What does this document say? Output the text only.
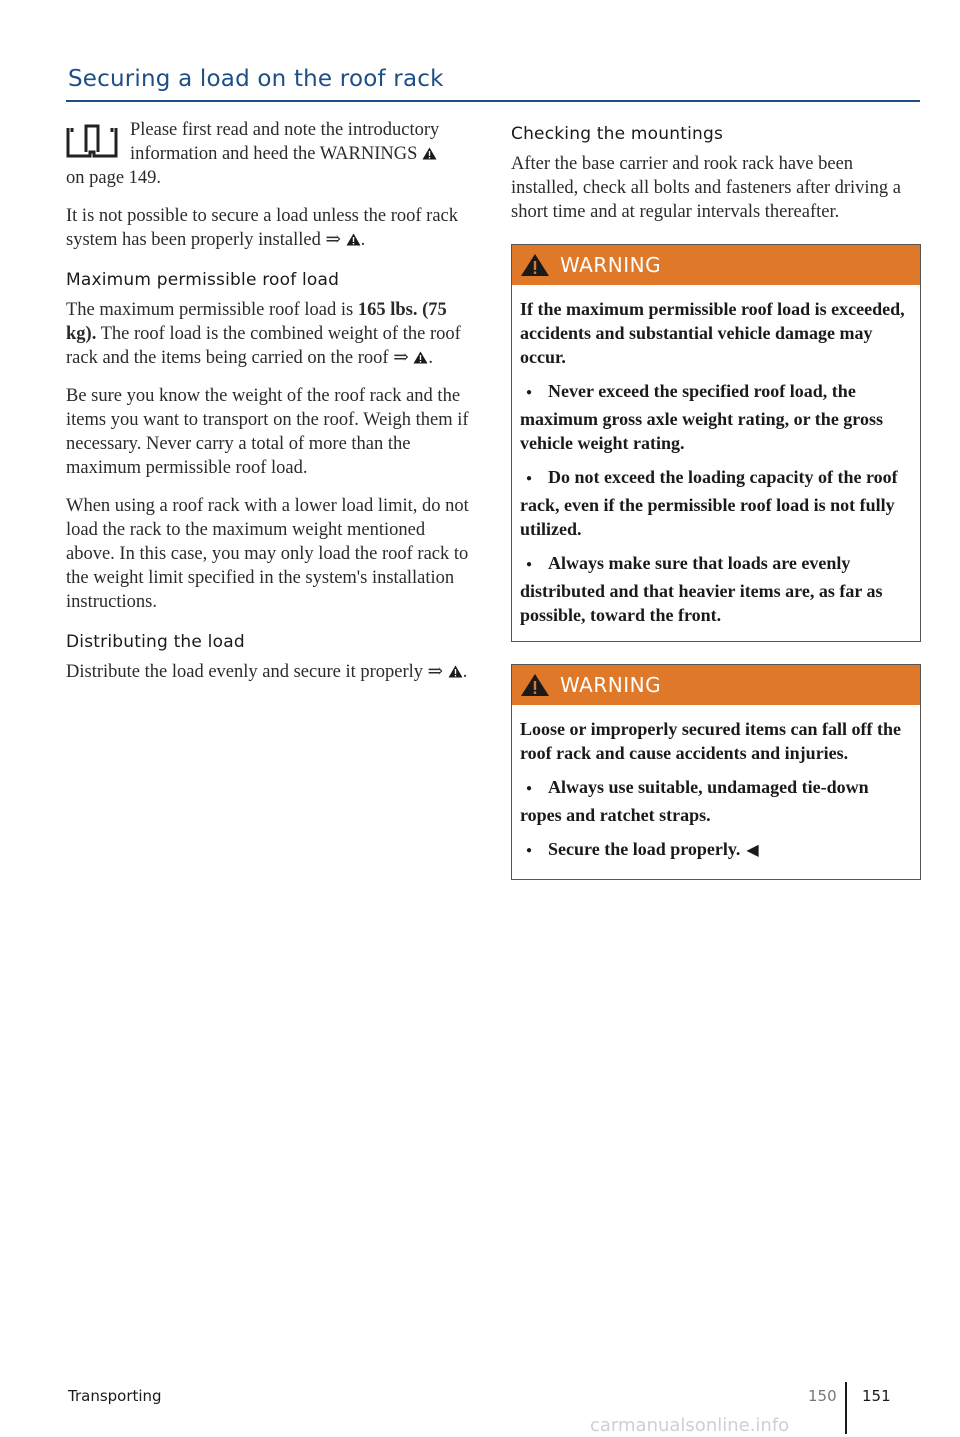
Securing a load on the roof rack

Please first read and note the introductory information and heed the WARNINGS
on page 149.

It is not possible to secure a load unless the roof rack system has been properly installed ⇒ .

Maximum permissible roof load

The maximum permissible roof load is 165 lbs. (75 kg). The roof load is the combined weight of the roof rack and the items being carried on the roof ⇒ .

Be sure you know the weight of the roof rack and the items you want to transport on the roof. Weigh them if necessary. Never carry a total of more than the maximum permissible roof load.

When using a roof rack with a lower load limit, do not load the rack to the maximum weight mentioned above. In this case, you may only load the roof rack to the weight limit specified in the system's installation instructions.

Distributing the load

Distribute the load evenly and secure it properly ⇒ .

Checking the mountings

After the base carrier and rook rack have been installed, check all bolts and fasteners after driving a short time and at regular intervals thereafter.

WARNING

If the maximum permissible roof load is exceeded, accidents and substantial vehicle damage may occur.

● Never exceed the specified roof load, the maximum gross axle weight rating, or the gross vehicle weight rating.

● Do not exceed the loading capacity of the roof rack, even if the permissible roof load is not fully utilized.

● Always make sure that loads are evenly distributed and that heavier items are, as far as possible, toward the front.

WARNING

Loose or improperly secured items can fall off the roof rack and cause accidents and injuries.

● Always use suitable, undamaged tie-down ropes and ratchet straps.

● Secure the load properly. ◀

Transporting	150 151
carmanualsonline.info
